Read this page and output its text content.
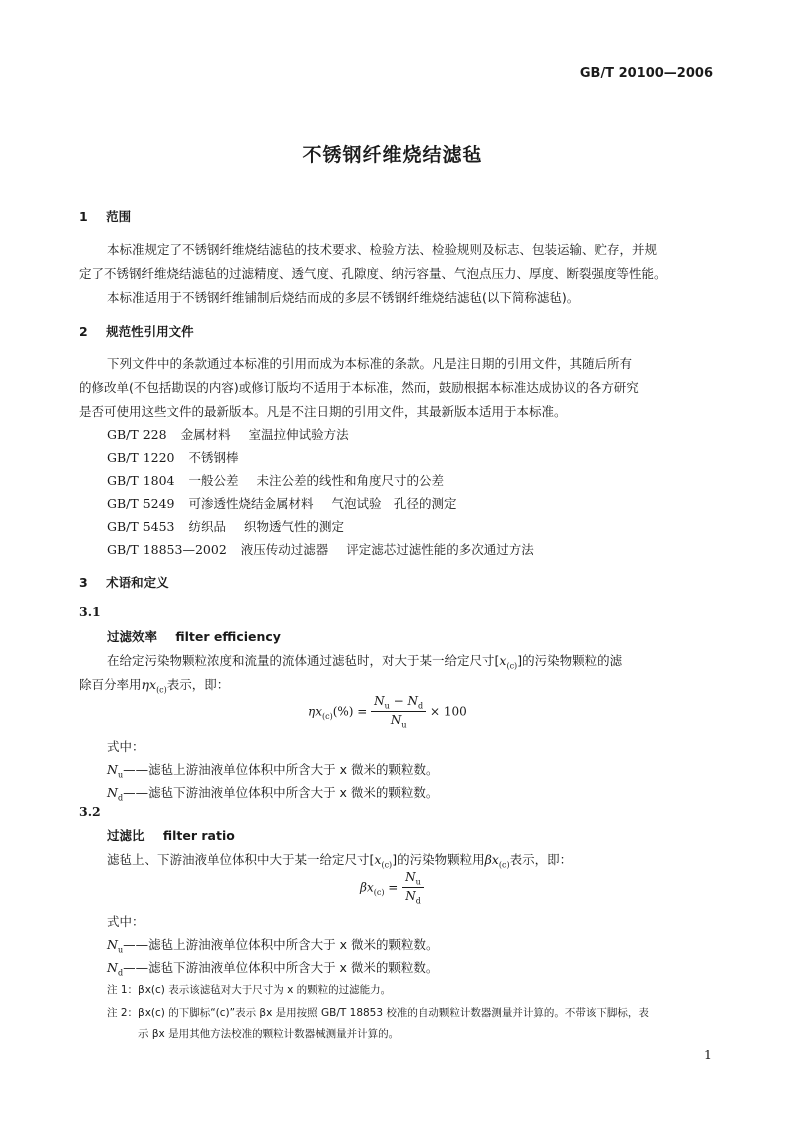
GB/T 20100—2006
不锈钢纤维烧结滤毡
1 范围
本标准规定了不锈钢纤维烧结滤毡的技术要求、检验方法、检验规则及标志、包装运输、贮存，并规
定了不锈钢纤维烧结滤毡的过滤精度、透气度、孔隙度、纳污容量、气泡点压力、厚度、断裂强度等性能。
本标准适用于不锈钢纤维铺制后烧结而成的多层不锈钢纤维烧结滤毡(以下简称滤毡)。
2 规范性引用文件
下列文件中的条款通过本标准的引用而成为本标准的条款。凡是注日期的引用文件，其随后所有
的修改单(不包括勘误的内容)或修订版均不适用于本标准，然而，鼓励根据本标准达成协议的各方研究
是否可使用这些文件的最新版本。凡是不注日期的引用文件，其最新版本适用于本标准。
GB/T 228 金属材料 室温拉伸试验方法
GB/T 1220 不锈钢棒
GB/T 1804 一般公差 未注公差的线性和角度尺寸的公差
GB/T 5249 可渗透性烧结金属材料 气泡试验　孔径的测定
GB/T 5453 纺织品 织物透气性的测定
GB/T 18853—2002 液压传动过滤器 评定滤芯过滤性能的多次通过方法
3 术语和定义
3.1
过滤效率 filter efficiency
在给定污染物颗粒浓度和流量的流体通过滤毡时，对大于某一给定尺寸$[x_{(c)}]$的污染物颗粒的滤
除百分率用$\eta x_{(c)}$表示，即：
$\eta x_{(c)}(\%) = \frac{N_u - N_d}{N_u} \times 100$
式中：
$N_u——$滤毡上游油液单位体积中所含大于 x 微米的颗粒数。
$N_d——$滤毡下游油液单位体积中所含大于 x 微米的颗粒数。
3.2
过滤比 filter ratio
滤毡上、下游油液单位体积中大于某一给定尺寸$[x_{(c)}]$的污染物颗粒用$\beta x_{(c)}$表示，即：
$\beta x_{(c)} = \frac{N_u}{N_d}$
式中：
$N_u——$滤毡上游油液单位体积中所含大于 x 微米的颗粒数。
$N_d——$滤毡下游油液单位体积中所含大于 x 微米的颗粒数。
注 1：βx(c) 表示该滤毡对大于尺寸为 x 的颗粒的过滤能力。
注 2：βx(c) 的下脚标“(c)”表示 βx 是用按照 GB/T 18853 校准的自动颗粒计数器测量并计算的。不带该下脚标，表
示 βx 是用其他方法校准的颗粒计数器械测量并计算的。
1
